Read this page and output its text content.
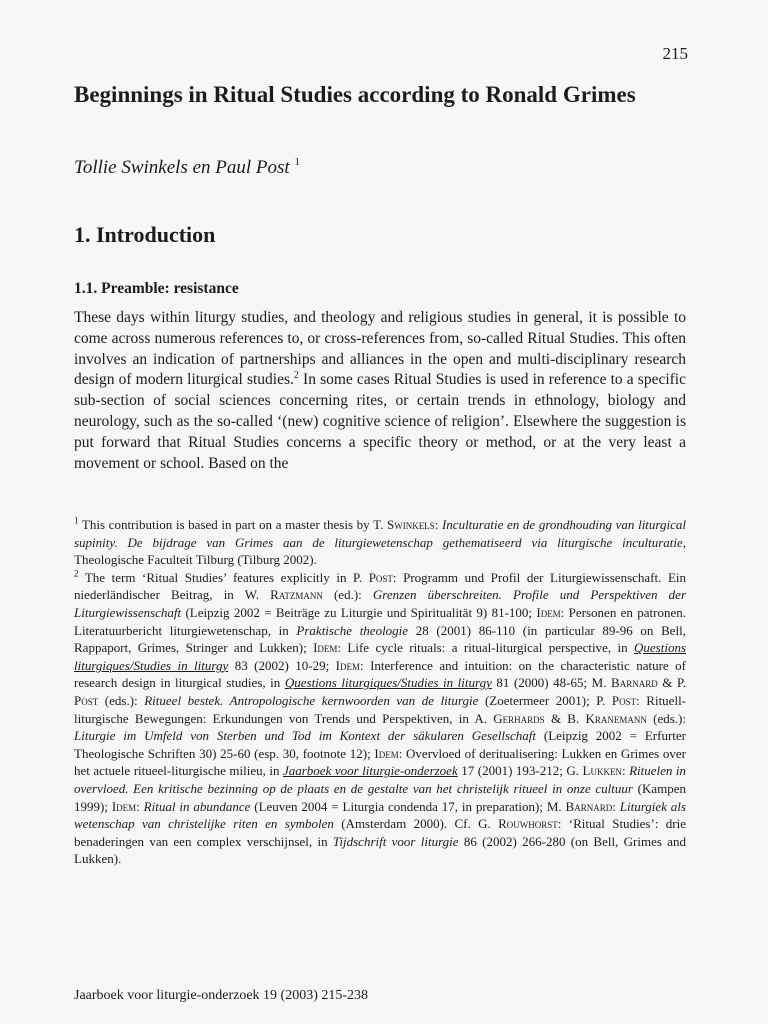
215
Beginnings in Ritual Studies according to Ronald Grimes
Tollie Swinkels en Paul Post $^1$
1. Introduction
1.1. Preamble: resistance

These days within liturgy studies, and theology and religious studies in general, it is possible to come across numerous references to, or cross-references from, so-called Ritual Studies. This often involves an indication of partnerships and alliances in the open and multi-disciplinary research design of modern liturgical studies.$^2$ In some cases Ritual Studies is used in reference to a specific sub-section of social sciences concerning rites, or certain trends in ethnology, biology and neurology, such as the so-called ‘(new) cognitive science of religion’. Elsewhere the suggestion is put forward that Ritual Studies concerns a specific theory or method, or at the very least a movement or school. Based on the

$^1$ This contribution is based in part on a master thesis by T. Swinkels: Inculturatie en de grondhouding van liturgical supinity. De bijdrage van Grimes aan de liturgiewetenschap gethematiseerd via liturgische inculturatie, Theologische Faculteit Tilburg (Tilburg 2002).

$^2$ The term ‘Ritual Studies’ features explicitly in P. Post: Programm und Profil der Liturgiewissenschaft. Ein niederländischer Beitrag, in W. Ratzmann (ed.): Grenzen überschreiten. Profile und Perspektiven der Liturgiewissenschaft (Leipzig 2002 = Beiträge zu Liturgie und Spiritualität 9) 81-100; Idem: Personen en patronen. Literatuurbericht liturgiewetenschap, in Praktische theologie 28 (2001) 86-110 (in particular 89-96 on Bell, Rappaport, Grimes, Stringer and Lukken); Idem: Life cycle rituals: a ritual-liturgical perspective, in Questions liturgiques/Studies in liturgy 83 (2002) 10-29; Idem: Interference and intuition: on the characteristic nature of research design in liturgical studies, in Questions liturgiques/Studies in liturgy 81 (2000) 48-65; M. Barnard & P. Post (eds.): Ritueel bestek. Antropologische kernwoorden van de liturgie (Zoetermeer 2001); P. Post: Rituell-liturgische Bewegungen: Erkundungen von Trends und Perspektiven, in A. Gerhards & B. Kranemann (eds.): Liturgie im Umfeld von Sterben und Tod im Kontext der säkularen Gesellschaft (Leipzig 2002 = Erfurter Theologische Schriften 30) 25-60 (esp. 30, footnote 12); Idem: Overvloed of deritualisering: Lukken en Grimes over het actuele ritueel-liturgische milieu, in Jaarboek voor liturgie-onderzoek 17 (2001) 193-212; G. Lukken: Rituelen in overvloed. Een kritische bezinning op de plaats en de gestalte van het christelijk ritueel in onze cultuur (Kampen 1999); Idem: Ritual in abundance (Leuven 2004 = Liturgia condenda 17, in preparation); M. Barnard: Liturgiek als wetenschap van christelijke riten en symbolen (Amsterdam 2000). Cf. G. Rouwhorst: ‘Ritual Studies’: drie benaderingen van een complex verschijnsel, in Tijdschrift voor liturgie 86 (2002) 266-280 (on Bell, Grimes and Lukken).

Jaarboek voor liturgie-onderzoek 19 (2003) 215-238
